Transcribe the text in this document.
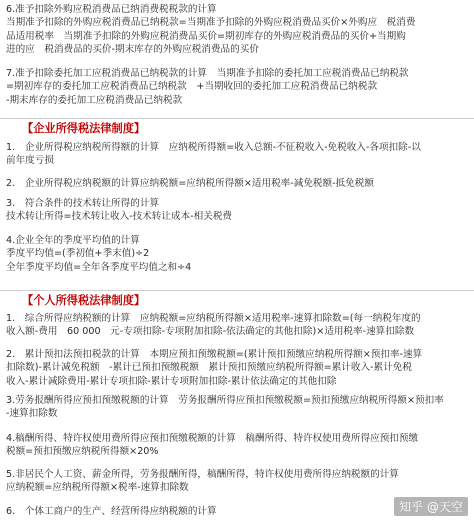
6.准予扣除外购应税消费品已纳消费税税款的计算
当期准予扣除的外购应税消费品已纳税款=当期准予扣除的外购应税消费品买价×外购应　税消费
品适用税率　当期准予扣除的外购应税消费品买价=期初库存的外购应税消费品的买价+当期购
进的应　税消费品的买价-期末库存的外购应税消费品的买价
7.准予扣除委托加工应税消费品已纳税款的计算　当期准予扣除的委托加工应税消费品已纳税款
=期初库存的委托加工应税消费品已纳税款　+当期收回的委托加工应税消费品已纳税款
-期末库存的委托加工应税消费品已纳税款
【企业所得税法律制度】
1.　企业所得税应纳税所得额的计算　应纳税所得额=收入总额-不征税收入-免税收入-各项扣除-以
前年度亏损
2.　企业所得税应纳税额的计算应纳税额=应纳税所得额×适用税率-减免税额-抵免税额
3.　符合条件的技术转让所得的计算
技术转让所得=技术转让收入-技术转让成本-相关税费
4.企业全年的季度平均值的计算
季度平均值=(季初值+季末值)÷2
全年季度平均值=全年各季度平均值之和÷4
【个人所得税法律制度】
1.　综合所得应纳税额的计算　应纳税额=应纳税所得额×适用税率-速算扣除数=(每一纳税年度的
收入额-费用　60 000　元-专项扣除-专项附加扣除-依法确定的其他扣除)×适用税率-速算扣除数
2.　累计预扣法预扣税款的计算　本期应预扣预缴税额=(累计预扣预缴应纳税所得额×预扣率-速算
扣除数)-累计减免税额　-累计已预扣预缴税额　累计预扣预缴应纳税所得额=累计收入-累计免税
收入-累计减除费用-累计专项扣除-累计专项附加扣除-累计依法确定的其他扣除
3.劳务报酬所得应预扣预缴税额的计算　劳务报酬所得应预扣预缴税额=预扣预缴应纳税所得额×预扣率
-速算扣除数
4.稿酬所得、特许权使用费所得应预扣预缴税额的计算　稿酬所得、特许权使用费所得应预扣预缴
税额=预扣预缴应纳税所得额×20%
5.非居民个人工资、薪金所得，劳务报酬所得，稿酬所得，特许权使用费所得应纳税额的计算
应纳税额=应纳税所得额×税率-速算扣除数
6.　个体工商户的生产、经营所得应纳税额的计算	知乎 @天空
